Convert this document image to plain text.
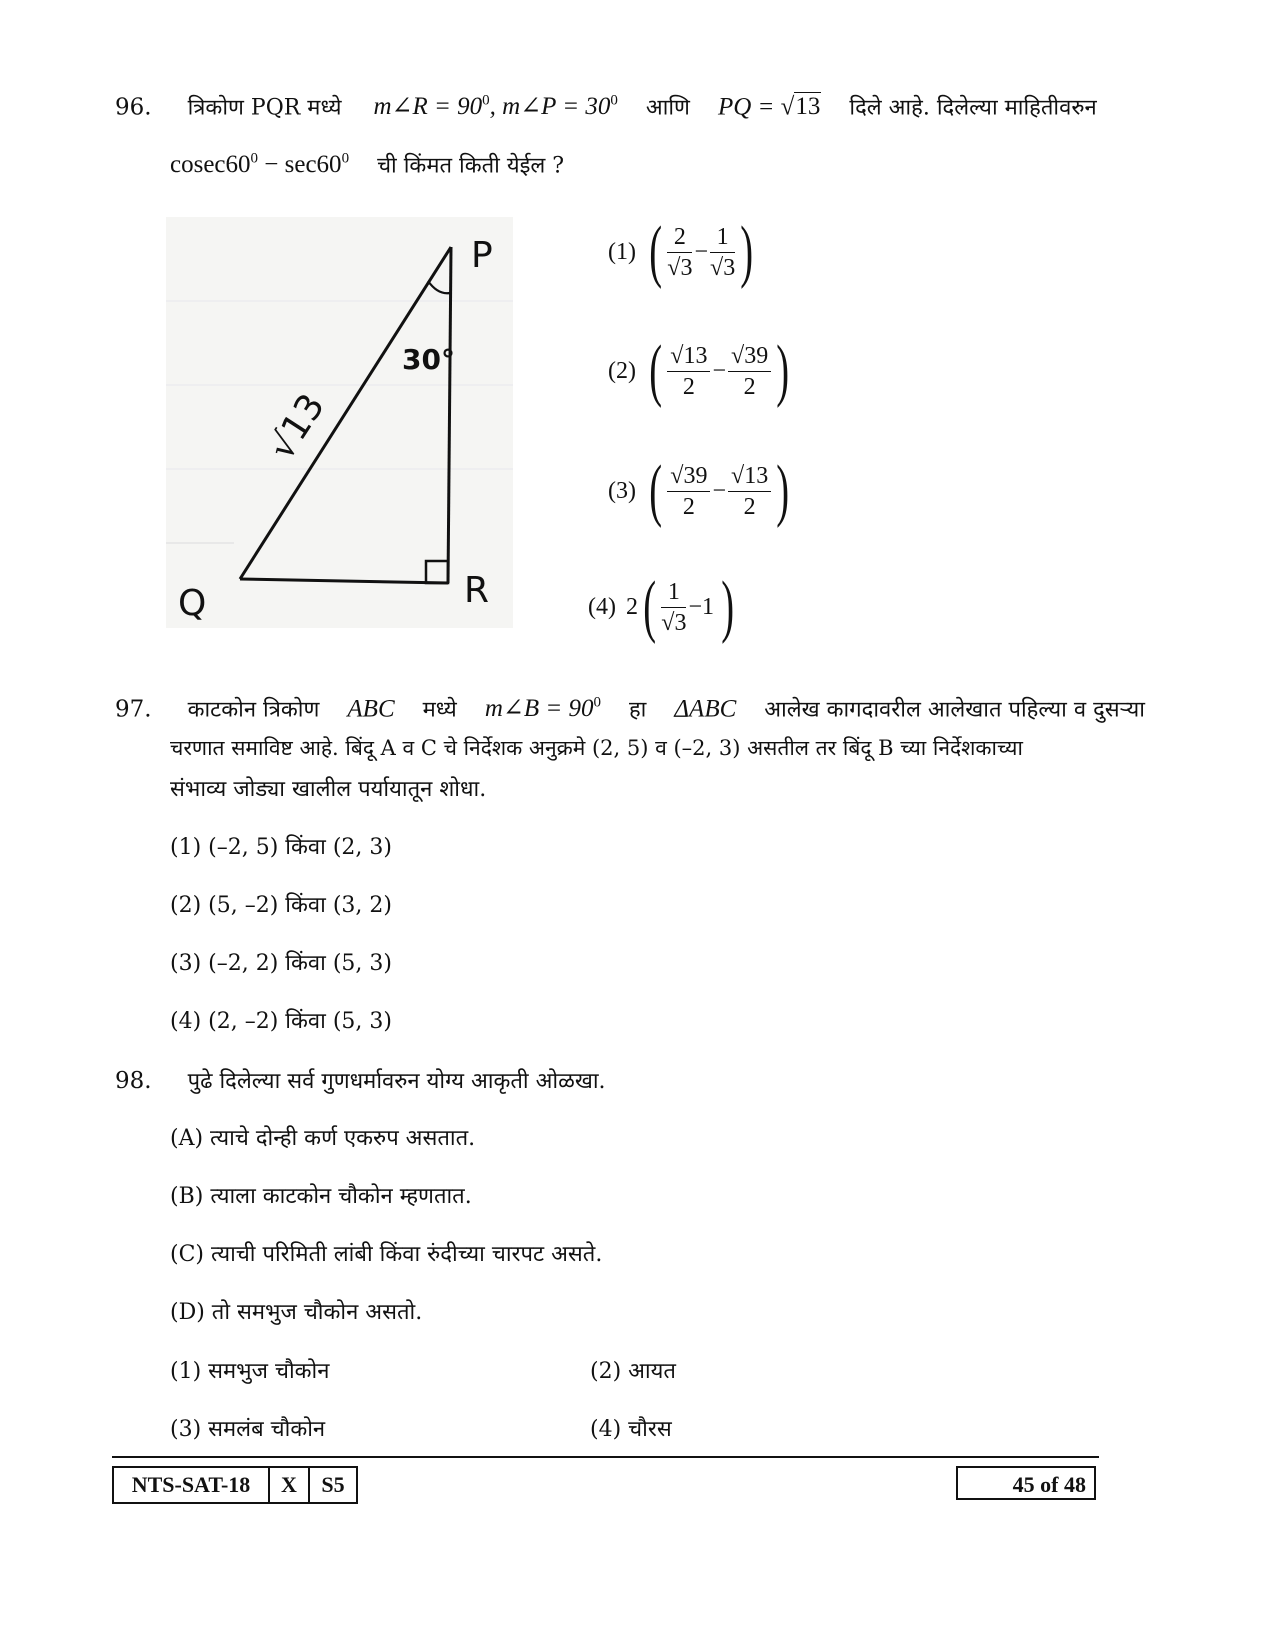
96. त्रिकोण PQR मध्ये m∠R = $90^0$, m∠P = $30^0$ आणि PQ = √13 दिले आहे. दिलेल्या माहितीवरुन
$cosec60^0 - \sec 60^0$ ची किंमत किती येईल ?
P
Q	R
30°
√13
(1) ( $\frac{2}{√3} - \frac{1}{√3}$ )
(2) ( $\frac{√13}{2} - \frac{√39}{2}$ )
(3) ( $\frac{√39}{2} - \frac{√13}{2}$ )
(4) 2 ( $\frac{1}{√3} -1$ )
97. काटकोन त्रिकोण ABC मध्ये m∠B = $90^0$ हा ΔABC आलेख कागदावरील आलेखात पहिल्या व दुसऱ्या
चरणात समाविष्ट आहे. बिंदू A व C चे निर्देशक अनुक्रमे (2, 5) व (–2, 3) असतील तर बिंदू B च्या निर्देशकाच्या
संभाव्य जोड्या खालील पर्यायातून शोधा.
(1) (–2, 5) किंवा (2, 3)
(2) (5, –2) किंवा (3, 2)
(3) (–2, 2) किंवा (5, 3)
(4) (2, –2) किंवा (5, 3)
98. पुढे दिलेल्या सर्व गुणधर्मावरुन योग्य आकृती ओळखा.
(A) त्याचे दोन्ही कर्ण एकरुप असतात.
(B) त्याला काटकोन चौकोन म्हणतात.
(C) त्याची परिमिती लांबी किंवा रुंदीच्या चारपट असते.
(D) तो समभुज चौकोन असतो.
(1) समभुज चौकोन	(2) आयत
(3) समलंब चौकोन	(4) चौरस
NTS-SAT-18	X	S5	45 of 48
